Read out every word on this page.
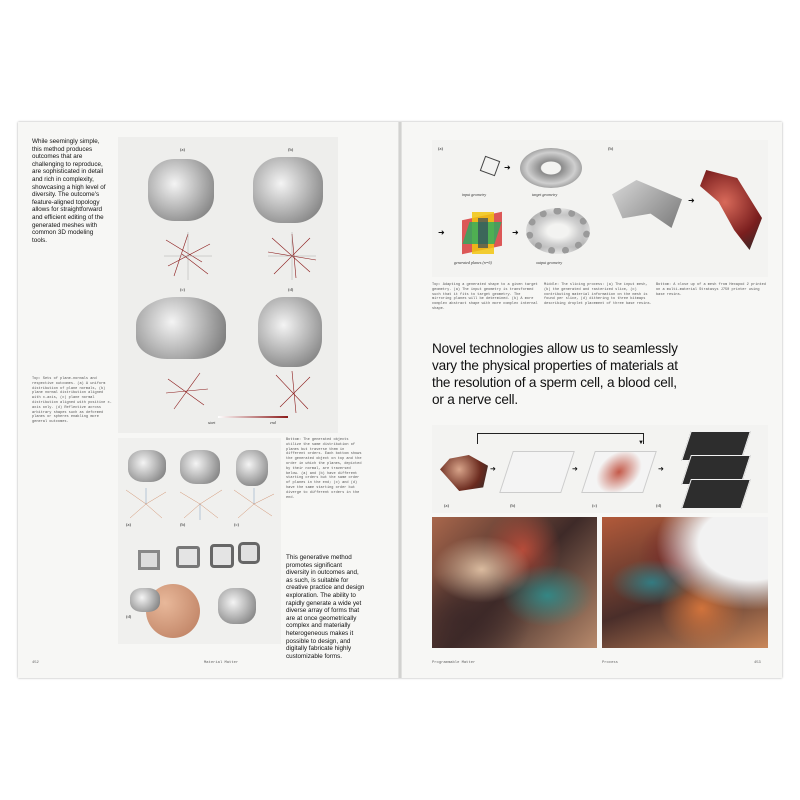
While seemingly simple, this method produces outcomes that are challenging to reproduce, are sophisticated in detail and rich in complexity, showcasing a high level of diversity. The outcome's feature-aligned topology allows for straightforward and efficient editing of the generated meshes with common 3D modeling tools.
(a)	(b)
(c)	(d)
start	end
Top: Sets of plane-normals and respective outcomes. (a) A uniform distribution of plane normals, (b) plane normal distribution aligned with x-axis, (c) plane normal distribution aligned with positive x-axis only. (d) Reflective across arbitrary shapes such as deformed planes or spheres enabling more general outcomes.
(a)	(b)	(c)
(d)
Bottom: The generated objects utilize the same distribution of planes but traverse them in different orders. Each bottom shows the generated object on top and the order in which the planes, depicted by their normal, are traversed below. (a) and (b) have different starting orders but the same order of planes in the end; (c) and (d) have the same starting order but diverge to different orders in the end.
This generative method promotes significant diversity in outcomes and, as such, is suitable for creative practice and design exploration. The ability to rapidly generate a wide yet diverse array of forms that are at once geometrically complex and materially heterogeneous makes it possible to design, and digitally fabricate highly customizable forms.
452	Material Matter
(a)
➜
input geometry	target geometry
➜	➜
generated planes (n=6)	output geometry
(b)
➜
Top: Adapting a generated shape to a given target geometry. (a) The input geometry is transformed such that it fits to target geometry. The mirroring planes will be determined. (b) A more complex abstract shape with more complex internal shape.
Middle: The slicing process: (a) The input mesh, (b) the generated and rasterized slice, (c) contributing material information on the mesh is found per slice, (d) dithering to three bitmaps describing droplet placement of three base resins.
Bottom: A close up of a mesh from Hexapod 2 printed on a multi-material Stratasys J750 printer using base resins.
Novel technologies allow us to seamlessly vary the physical properties of materials at the resolution of a sperm cell, a blood cell, or a nerve cell.
▼
➜	➜	➜
(a)	(b)	(c)	(d)
Programmable Matter	Process	453
